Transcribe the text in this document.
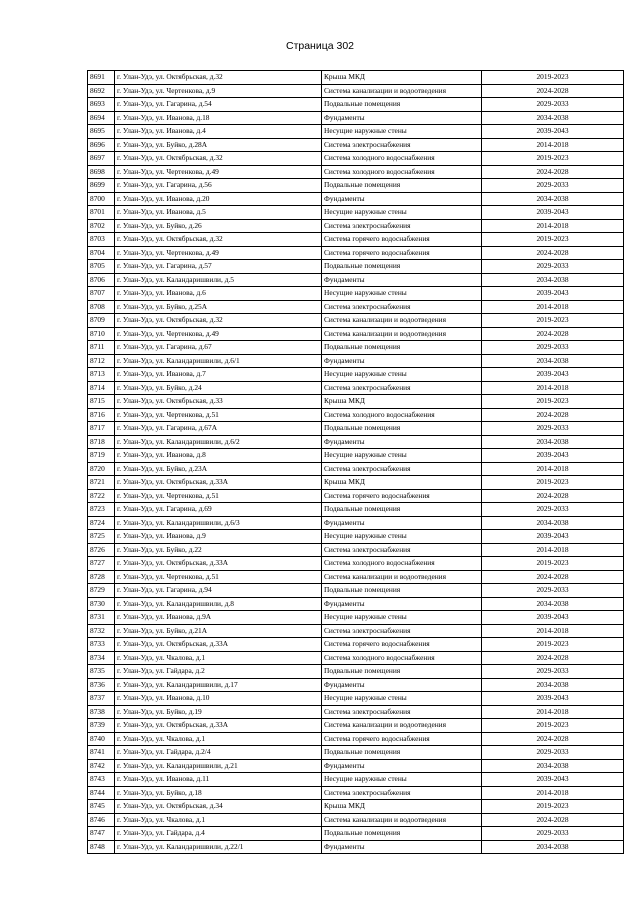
Страница 302
8691	г. Улан-Удэ, ул. Октябрьская, д.32	Крыша МКД	2019-2023
8692	г. Улан-Удэ, ул. Чертенкова, д.9	Система канализации и водоотведения	2024-2028
8693	г. Улан-Удэ, ул. Гагарина, д.54	Подвальные помещения	2029-2033
8694	г. Улан-Удэ, ул. Иванова, д.18	Фундаменты	2034-2038
8695	г. Улан-Удэ, ул. Иванова, д.4	Несущие наружные стены	2039-2043
8696	г. Улан-Удэ, ул. Буйко, д.28А	Система электроснабжения	2014-2018
8697	г. Улан-Удэ, ул. Октябрьская, д.32	Система холодного водоснабжения	2019-2023
8698	г. Улан-Удэ, ул. Чертенкова, д.49	Система холодного водоснабжения	2024-2028
8699	г. Улан-Удэ, ул. Гагарина, д.56	Подвальные помещения	2029-2033
8700	г. Улан-Удэ, ул. Иванова, д.20	Фундаменты	2034-2038
8701	г. Улан-Удэ, ул. Иванова, д.5	Несущие наружные стены	2039-2043
8702	г. Улан-Удэ, ул. Буйко, д.26	Система электроснабжения	2014-2018
8703	г. Улан-Удэ, ул. Октябрьская, д.32	Система горячего водоснабжения	2019-2023
8704	г. Улан-Удэ, ул. Чертенкова, д.49	Система горячего водоснабжения	2024-2028
8705	г. Улан-Удэ, ул. Гагарина, д.57	Подвальные помещения	2029-2033
8706	г. Улан-Удэ, ул. Каландаришвили, д.5	Фундаменты	2034-2038
8707	г. Улан-Удэ, ул. Иванова, д.6	Несущие наружные стены	2039-2043
8708	г. Улан-Удэ, ул. Буйко, д.25А	Система электроснабжения	2014-2018
8709	г. Улан-Удэ, ул. Октябрьская, д.32	Система канализации и водоотведения	2019-2023
8710	г. Улан-Удэ, ул. Чертенкова, д.49	Система канализации и водоотведения	2024-2028
8711	г. Улан-Удэ, ул. Гагарина, д.67	Подвальные помещения	2029-2033
8712	г. Улан-Удэ, ул. Каландаришвили, д.6/1	Фундаменты	2034-2038
8713	г. Улан-Удэ, ул. Иванова, д.7	Несущие наружные стены	2039-2043
8714	г. Улан-Удэ, ул. Буйко, д.24	Система электроснабжения	2014-2018
8715	г. Улан-Удэ, ул. Октябрьская, д.33	Крыша МКД	2019-2023
8716	г. Улан-Удэ, ул. Чертенкова, д.51	Система холодного водоснабжения	2024-2028
8717	г. Улан-Удэ, ул. Гагарина, д.67А	Подвальные помещения	2029-2033
8718	г. Улан-Удэ, ул. Каландаришвили, д.6/2	Фундаменты	2034-2038
8719	г. Улан-Удэ, ул. Иванова, д.8	Несущие наружные стены	2039-2043
8720	г. Улан-Удэ, ул. Буйко, д.23А	Система электроснабжения	2014-2018
8721	г. Улан-Удэ, ул. Октябрьская, д.33А	Крыша МКД	2019-2023
8722	г. Улан-Удэ, ул. Чертенкова, д.51	Система горячего водоснабжения	2024-2028
8723	г. Улан-Удэ, ул. Гагарина, д.69	Подвальные помещения	2029-2033
8724	г. Улан-Удэ, ул. Каландаришвили, д.6/3	Фундаменты	2034-2038
8725	г. Улан-Удэ, ул. Иванова, д.9	Несущие наружные стены	2039-2043
8726	г. Улан-Удэ, ул. Буйко, д.22	Система электроснабжения	2014-2018
8727	г. Улан-Удэ, ул. Октябрьская, д.33А	Система холодного водоснабжения	2019-2023
8728	г. Улан-Удэ, ул. Чертенкова, д.51	Система канализации и водоотведения	2024-2028
8729	г. Улан-Удэ, ул. Гагарина, д.94	Подвальные помещения	2029-2033
8730	г. Улан-Удэ, ул. Каландаришвили, д.8	Фундаменты	2034-2038
8731	г. Улан-Удэ, ул. Иванова, д.9А	Несущие наружные стены	2039-2043
8732	г. Улан-Удэ, ул. Буйко, д.21А	Система электроснабжения	2014-2018
8733	г. Улан-Удэ, ул. Октябрьская, д.33А	Система горячего водоснабжения	2019-2023
8734	г. Улан-Удэ, ул. Чкалова, д.1	Система холодного водоснабжения	2024-2028
8735	г. Улан-Удэ, ул. Гайдара, д.2	Подвальные помещения	2029-2033
8736	г. Улан-Удэ, ул. Каландаришвили, д.17	Фундаменты	2034-2038
8737	г. Улан-Удэ, ул. Иванова, д.10	Несущие наружные стены	2039-2043
8738	г. Улан-Удэ, ул. Буйко, д.19	Система электроснабжения	2014-2018
8739	г. Улан-Удэ, ул. Октябрьская, д.33А	Система канализации и водоотведения	2019-2023
8740	г. Улан-Удэ, ул. Чкалова, д.1	Система горячего водоснабжения	2024-2028
8741	г. Улан-Удэ, ул. Гайдара, д.2/4	Подвальные помещения	2029-2033
8742	г. Улан-Удэ, ул. Каландаришвили, д.21	Фундаменты	2034-2038
8743	г. Улан-Удэ, ул. Иванова, д.11	Несущие наружные стены	2039-2043
8744	г. Улан-Удэ, ул. Буйко, д.18	Система электроснабжения	2014-2018
8745	г. Улан-Удэ, ул. Октябрьская, д.34	Крыша МКД	2019-2023
8746	г. Улан-Удэ, ул. Чкалова, д.1	Система канализации и водоотведения	2024-2028
8747	г. Улан-Удэ, ул. Гайдара, д.4	Подвальные помещения	2029-2033
8748	г. Улан-Удэ, ул. Каландаришвили, д.22/1	Фундаменты	2034-2038
